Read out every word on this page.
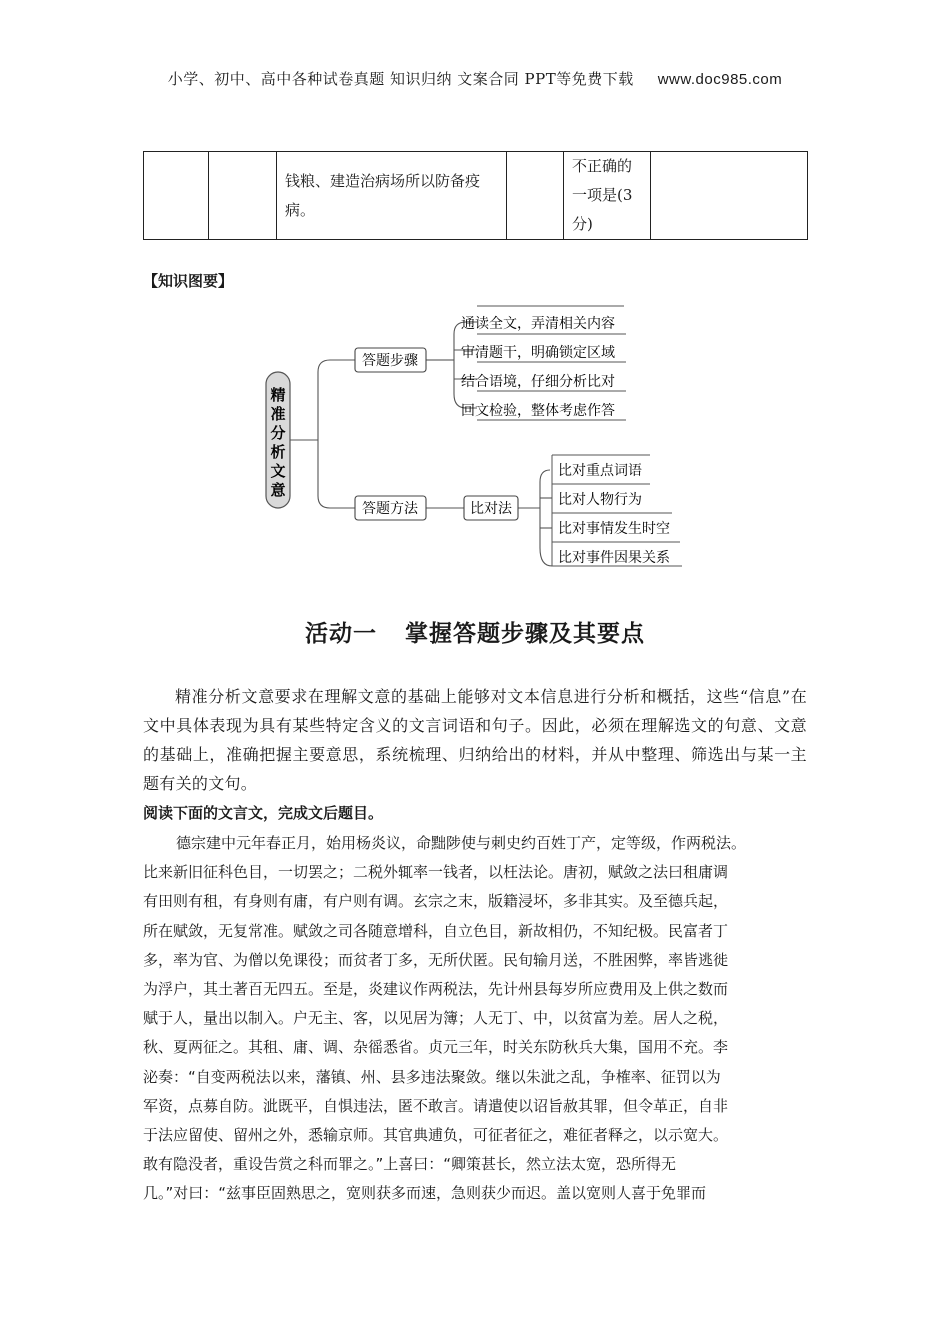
小学、初中、高中各种试卷真题 知识归纳 文案合同 PPT等免费下载 www.doc985.com
		钱粮、建造治病场所以防备疫病。		不正确的一项是(3 分)	
【知识图要】
精
准
分
析
文
意
答题步骤
答题方法	比对法
通读全文，弄清相关内容
审清题干，明确锁定区域
结合语境，仔细分析比对
回文检验，整体考虑作答
比对重点词语
比对人物行为
比对事情发生时空
比对事件因果关系
活动一 掌握答题步骤及其要点
精准分析文意要求在理解文意的基础上能够对文本信息进行分析和概括，这些“信息”在文中具体表现为具有某些特定含义的文言词语和句子。因此，必须在理解选文的句意、文意的基础上，准确把握主要意思，系统梳理、归纳给出的材料，并从中整理、筛选出与某一主题有关的文句。
阅读下面的文言文，完成文后题目。
德宗建中元年春正月，始用杨炎议，命黜陟使与刺史约百姓丁产，定等级，作两税法。
比来新旧征科色目，一切罢之；二税外辄率一钱者，以枉法论。唐初，赋敛之法曰租庸调
有田则有租，有身则有庸，有户则有调。玄宗之末，版籍浸坏，多非其实。及至德兵起，
所在赋敛，无复常准。赋敛之司各随意增科，自立色目，新故相仍，不知纪极。民富者丁
多，率为官、为僧以免课役；而贫者丁多，无所伏匿。民旬输月送，不胜困弊，率皆逃徙
为浮户，其土著百无四五。至是，炎建议作两税法，先计州县每岁所应费用及上供之数而
赋于人，量出以制入。户无主、客，以见居为簿；人无丁、中，以贫富为差。居人之税，
秋、夏两征之。其租、庸、调、杂徭悉省。贞元三年，时关东防秋兵大集，国用不充。李
泌奏：“自变两税法以来，藩镇、州、县多违法聚敛。继以朱泚之乱，争榷率、征罚以为
军资，点募自防。泚既平，自惧违法，匿不敢言。请遣使以诏旨赦其罪，但令革正，自非
于法应留使、留州之外，悉输京师。其官典逋负，可征者征之，难征者释之，以示宽大。
敢有隐没者，重设告赏之科而罪之。”上喜曰：“卿策甚长，然立法太宽，恐所得无
几。”对曰：“兹事臣固熟思之，宽则获多而速，急则获少而迟。盖以宽则人喜于免罪而
